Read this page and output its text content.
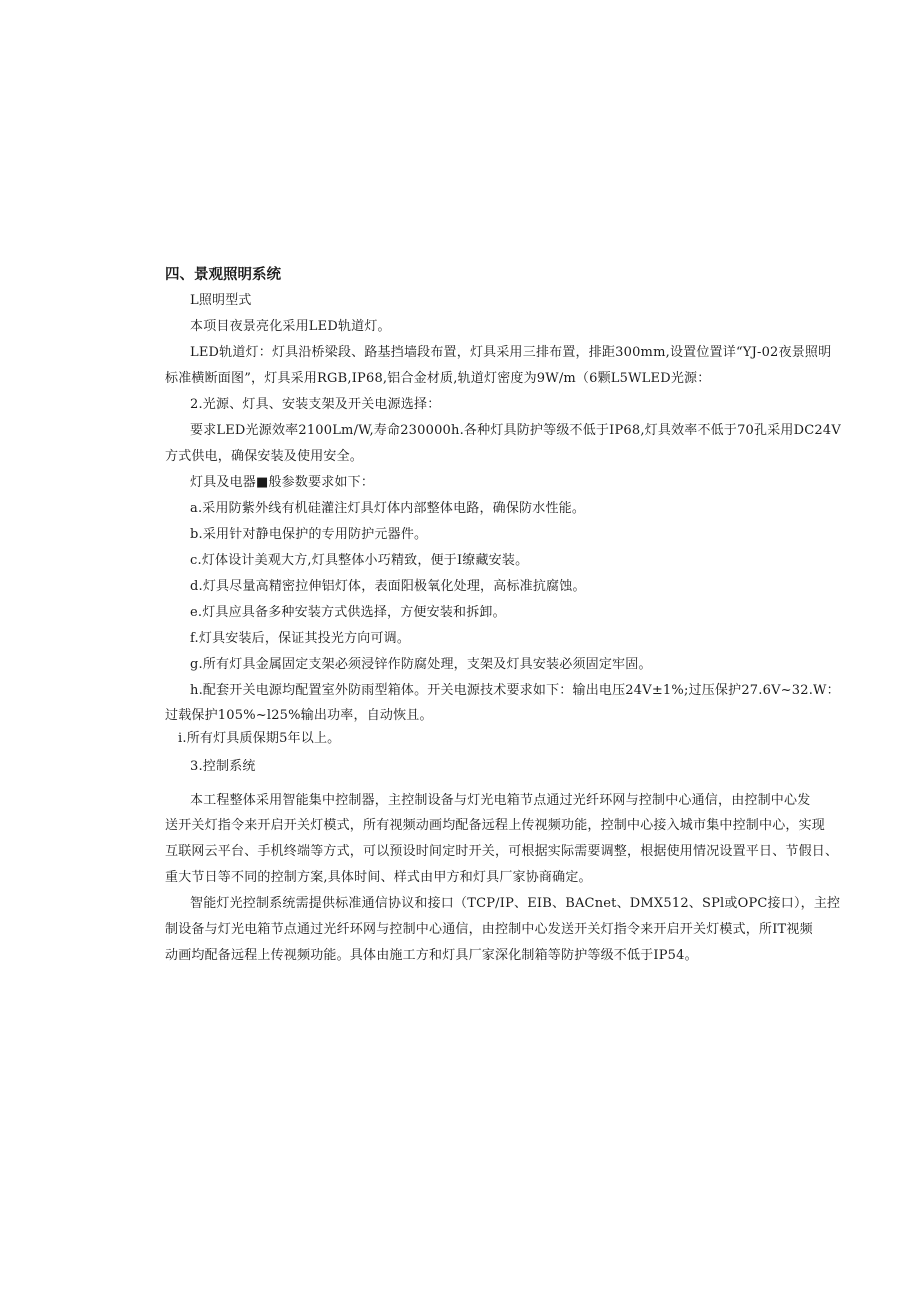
四、景观照明系统
L照明型式
本项目夜景亮化采用LED轨道灯。
LED轨道灯：灯具沿桥梁段、路基挡墙段布置，灯具采用三排布置，排距300mm,设置位置详“YJ-02夜景照明
标准横断面图”，灯具采用RGB,IP68,铝合金材质,轨道灯密度为9W/m（6颗L5WLED光源：
2.光源、灯具、安装支架及开关电源选择：
要求LED光源效率2100Lm/W,寿命230000h.各种灯具防护等级不低于IP68,灯具效率不低于70孔采用DC24V
方式供电，确保安装及使用安全。
灯具及电器■般参数要求如下：
a.采用防紫外线有机硅灌注灯具灯体内部整体电路，确保防水性能。
b.采用针对静电保护的专用防护元器件。
c.灯体设计美观大方,灯具整体小巧精致，便于I缭藏安装。
d.灯具尽量高精密拉伸铝灯体，表面阳极氧化处理，高标准抗腐蚀。
e.灯具应具备多种安装方式供选择，方便安装和拆卸。
f.灯具安装后，保证其投光方向可调。
g.所有灯具金属固定支架必须浸锌作防腐处理，支架及灯具安装必须固定牢固。
h.配套开关电源均配置室外防雨型箱体。开关电源技术要求如下：输出电压24V±1%;过压保护27.6V~32.W：
过载保护105%~l25%输出功率，自动恢且。
i.所有灯具质保期5年以上。
3.控制系统
本工程整体采用智能集中控制器，主控制设备与灯光电箱节点通过光纤环网与控制中心通信，由控制中心发
送开关灯指令来开启开关灯模式，所有视频动画均配备远程上传视频功能，控制中心接入城市集中控制中心，实现
互联网云平台、手机终端等方式，可以预设时间定时开关，可根据实际需要调整，根据使用情况设置平日、节假日、
重大节日等不同的控制方案,具体时间、样式由甲方和灯具厂家协商确定。
智能灯光控制系统需提供标准通信协议和接口（TCP/IP、EIB、BACnet、DMX512、SPl或OPC接口），主控
制设备与灯光电箱节点通过光纤环网与控制中心通信，由控制中心发送开关灯指令来开启开关灯模式，所IT视频
动画均配备远程上传视频功能。具体由施工方和灯具厂家深化制箱等防护等级不低于IP54。
